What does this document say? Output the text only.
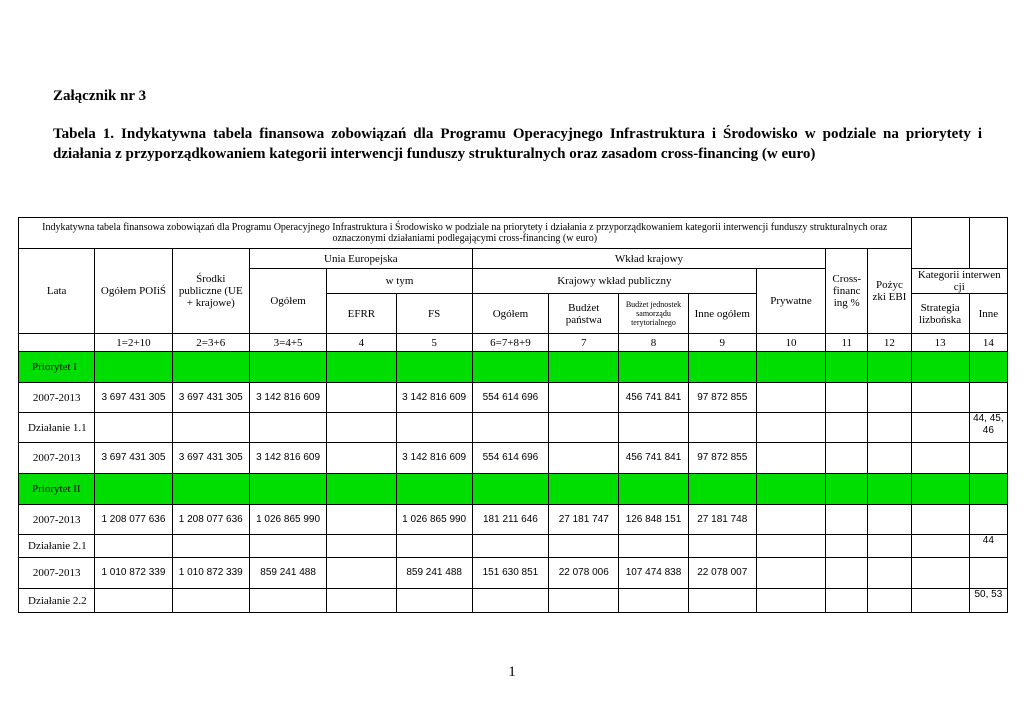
Załącznik nr 3
Tabela 1. Indykatywna tabela finansowa zobowiązań dla Programu Operacyjnego Infrastruktura i Środowisko w podziale na priorytety i działania z przyporządkowaniem kategorii interwencji funduszy strukturalnych oraz zasadom cross-financing (w euro)
Indykatywna tabela finansowa zobowiązań dla Programu Operacyjnego Infrastruktura i Środowisko w podziale na priorytety i działania z przyporządkowaniem kategorii interwencji funduszy strukturalnych oraz oznaczonymi działaniami podlegającymi cross-financing (w euro)														
Lata	Ogółem POIiŚ	Środki publiczne (UE + krajowe)	Unia Europejska			Wkład krajowy					Cross-financ ing %	Pożyc zki EBI		
			Ogółem	w tym		Krajowy wkład publiczny				Prywatne			Kategorii interwen cji	
				EFRR	FS	Ogółem	Budżet państwa	Budżet jednostek samorządu terytorialnego	Inne ogółem				Strategia lizbońska	Inne

	1=2+10	2=3+6	3=4+5	4	5	6=7+8+9	7	8	9	10	11	12	13	14
Priorytet I														
2007-2013	3 697 431 305	3 697 431 305	3 142 816 609		3 142 816 609	554 614 696		456 741 841	97 872 855					
Działanie 1.1														44, 45, 46
2007-2013	3 697 431 305	3 697 431 305	3 142 816 609		3 142 816 609	554 614 696		456 741 841	97 872 855					
Priorytet II														
2007-2013	1 208 077 636	1 208 077 636	1 026 865 990		1 026 865 990	181 211 646	27 181 747	126 848 151	27 181 748					
Działanie 2.1														44
2007-2013	1 010 872 339	1 010 872 339	859 241 488		859 241 488	151 630 851	22 078 006	107 474 838	22 078 007					
Działanie 2.2														50, 53
1
